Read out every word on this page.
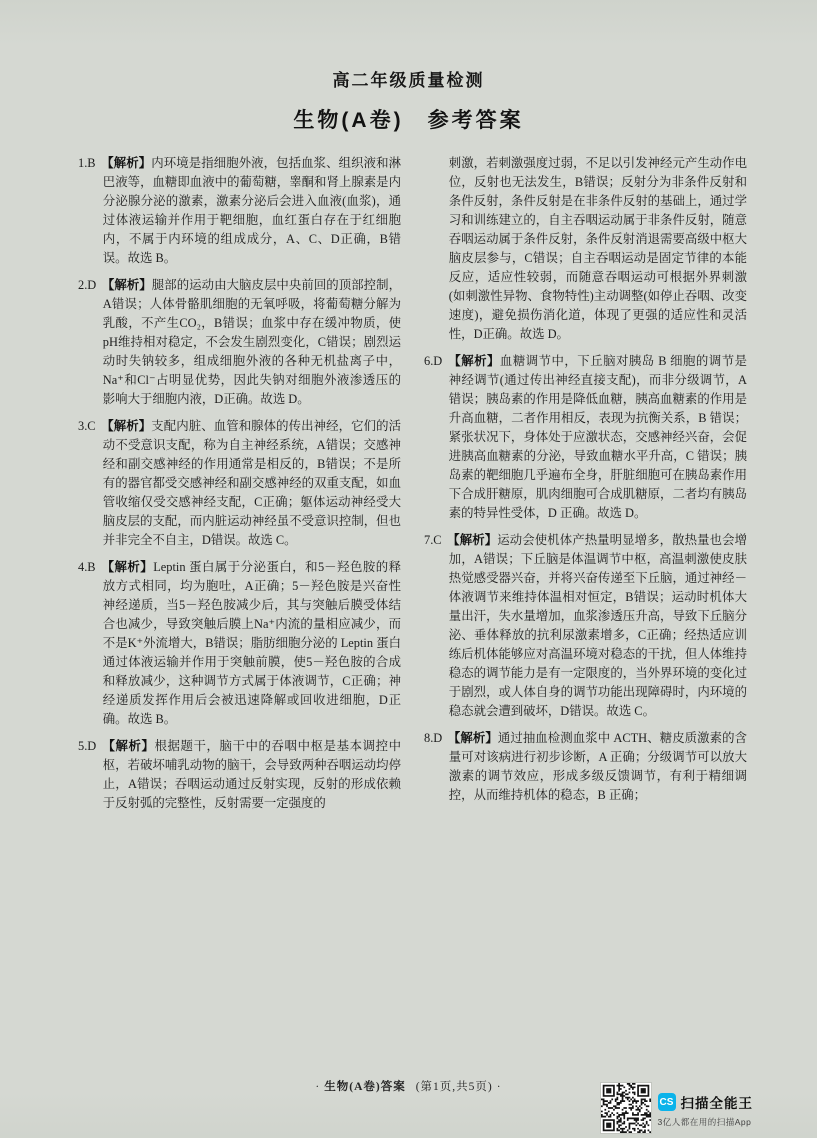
高二年级质量检测
生物(A卷)　参考答案

1.B 【解析】内环境是指细胞外液，包括血浆、组织液和淋巴液等，血糖即血液中的葡萄糖，睾酮和肾上腺素是内分泌腺分泌的激素，激素分泌后会进入血液(血浆)，通过体液运输并作用于靶细胞，血红蛋白存在于红细胞内，不属于内环境的组成成分，A、C、D正确，B错误。故选 B。

2.D 【解析】腿部的运动由大脑皮层中央前回的顶部控制，A错误；人体骨骼肌细胞的无氧呼吸，将葡萄糖分解为乳酸，不产生CO₂，B错误；血浆中存在缓冲物质，使pH维持相对稳定，不会发生剧烈变化，C错误；剧烈运动时失钠较多，组成细胞外液的各种无机盐离子中，Na⁺和Cl⁻占明显优势，因此失钠对细胞外液渗透压的影响大于细胞内液，D正确。故选 D。

3.C 【解析】支配内脏、血管和腺体的传出神经，它们的活动不受意识支配，称为自主神经系统，A错误；交感神经和副交感神经的作用通常是相反的，B错误；不是所有的器官都受交感神经和副交感神经的双重支配，如血管收缩仅受交感神经支配，C正确；躯体运动神经受大脑皮层的支配，而内脏运动神经虽不受意识控制，但也并非完全不自主，D错误。故选 C。

4.B 【解析】Leptin 蛋白属于分泌蛋白，和5－羟色胺的释放方式相同，均为胞吐，A正确；5－羟色胺是兴奋性神经递质，当5－羟色胺减少后，其与突触后膜受体结合也减少，导致突触后膜上Na⁺内流的量相应减少，而不是K⁺外流增大，B错误；脂肪细胞分泌的 Leptin 蛋白通过体液运输并作用于突触前膜，使5－羟色胺的合成和释放减少，这种调节方式属于体液调节，C正确；神经递质发挥作用后会被迅速降解或回收进细胞，D正确。故选 B。

5.D 【解析】根据题干，脑干中的吞咽中枢是基本调控中枢，若破坏哺乳动物的脑干，会导致两种吞咽运动均停止，A错误；吞咽运动通过反射实现，反射的形成依赖于反射弧的完整性，反射需要一定强度的

刺激，若刺激强度过弱，不足以引发神经元产生动作电位，反射也无法发生，B错误；反射分为非条件反射和条件反射，条件反射是在非条件反射的基础上，通过学习和训练建立的，自主吞咽运动属于非条件反射，随意吞咽运动属于条件反射，条件反射消退需要高级中枢大脑皮层参与，C错误；自主吞咽运动是固定节律的本能反应，适应性较弱，而随意吞咽运动可根据外界刺激(如刺激性异物、食物特性)主动调整(如停止吞咽、改变速度)，避免损伤消化道，体现了更强的适应性和灵活性，D正确。故选 D。

6.D 【解析】血糖调节中，下丘脑对胰岛 B 细胞的调节是神经调节(通过传出神经直接支配)，而非分级调节，A 错误；胰岛素的作用是降低血糖，胰高血糖素的作用是升高血糖，二者作用相反，表现为抗衡关系，B 错误；紧张状况下，身体处于应激状态，交感神经兴奋，会促进胰高血糖素的分泌，导致血糖水平升高，C 错误；胰岛素的靶细胞几乎遍布全身，肝脏细胞可在胰岛素作用下合成肝糖原，肌肉细胞可合成肌糖原，二者均有胰岛素的特异性受体，D 正确。故选 D。

7.C 【解析】运动会使机体产热量明显增多，散热量也会增加，A错误；下丘脑是体温调节中枢，高温刺激使皮肤热觉感受器兴奋，并将兴奋传递至下丘脑，通过神经－体液调节来维持体温相对恒定，B错误；运动时机体大量出汗，失水量增加，血浆渗透压升高，导致下丘脑分泌、垂体释放的抗利尿激素增多，C正确；经热适应训练后机体能够应对高温环境对稳态的干扰，但人体维持稳态的调节能力是有一定限度的，当外界环境的变化过于剧烈，或人体自身的调节功能出现障碍时，内环境的稳态就会遭到破坏，D错误。故选 C。

8.D 【解析】通过抽血检测血浆中 ACTH、糖皮质激素的含量可对该病进行初步诊断，A 正确；分级调节可以放大激素的调节效应，形成多级反馈调节，有利于精细调控，从而维持机体的稳态，B 正确；

· 生物(A卷)答案 (第1页,共5页) ·
CS 扫描全能王
3亿人都在用的扫描App
